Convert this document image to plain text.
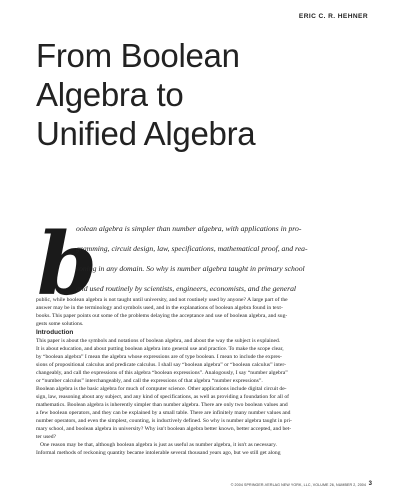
ERIC C. R. HEHNER
From Boolean
Algebra to
Unified Algebra
b
oolean algebra is simpler than number algebra, with applications in pro-
gramming, circuit design, law, specifications, mathematical proof, and rea-
soning in any domain. So why is number algebra taught in primary school
and used routinely by scientists, engineers, economists, and the general
public, while boolean algebra is not taught until university, and not routinely used by anyone? A large part of the
answer may be in the terminology and symbols used, and in the explanations of boolean algebra found in text-
books. This paper points out some of the problems delaying the acceptance and use of boolean algebra, and sug-
gests some solutions.
Introduction
This paper is about the symbols and notations of boolean algebra, and about the way the subject is explained.
It is about education, and about putting boolean algebra into general use and practice. To make the scope clear,
by “boolean algebra” I mean the algebra whose expressions are of type boolean. I mean to include the expres-
sions of propositional calculus and predicate calculus. I shall say “boolean algebra” or “boolean calculus” inter-
changeably, and call the expressions of this algebra “boolean expressions”. Analogously, I say “number algebra”
or “number calculus” interchangeably, and call the expressions of that algebra “number expressions”.
Boolean algebra is the basic algebra for much of computer science. Other applications include digital circuit de-
sign, law, reasoning about any subject, and any kind of specifications, as well as providing a foundation for all of
mathematics. Boolean algebra is inherently simpler than number algebra. There are only two boolean values and
a few boolean operators, and they can be explained by a small table. There are infinitely many number values and
number operators, and even the simplest, counting, is inductively defined. So why is number algebra taught in pri-
mary school, and boolean algebra in university? Why isn't boolean algebra better known, better accepted, and bet-
ter used?
One reason may be that, although boolean algebra is just as useful as number algebra, it isn't as necessary.
Informal methods of reckoning quantity became intolerable several thousand years ago, but we still get along
© 2004 SPRINGER-VERLAG NEW YORK, LLC, VOLUME 26, NUMBER 2, 2004 3
